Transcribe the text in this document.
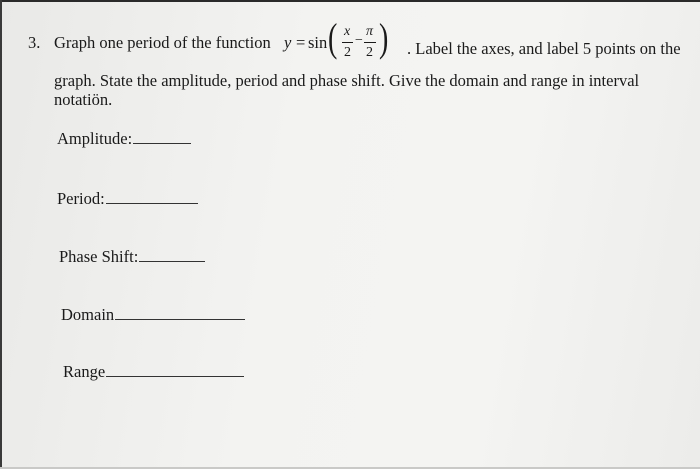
3. Graph one period of the function y = sin ( x
2
−
π
2 ) . Label the axes, and label 5 points on the
graph. State the amplitude, period and phase shift. Give the domain and range in interval
notatiön.
Amplitude:
Period:
Phase Shift:
Domain
Range
